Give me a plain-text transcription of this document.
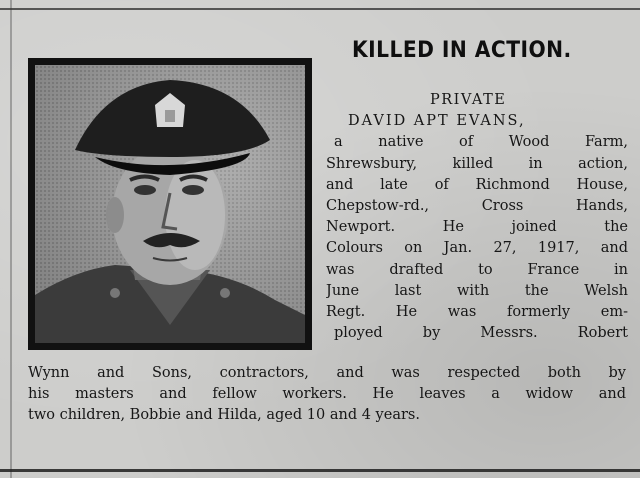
KILLED IN ACTION.
PRIVATE
DAVID APT EVANS,
a native of Wood Farm,
Shrewsbury, killed in action,
and late of Richmond House,
Chepstow-rd., Cross Hands,
Newport. He joined the
Colours on Jan. 27, 1917, and
was drafted to France in
June last with the Welsh
Regt. He was formerly em-
ployed by Messrs. Robert
Wynn and Sons, contractors, and was respected both by
his masters and fellow workers. He leaves a widow and
two children, Bobbie and Hilda, aged 10 and 4 years.
